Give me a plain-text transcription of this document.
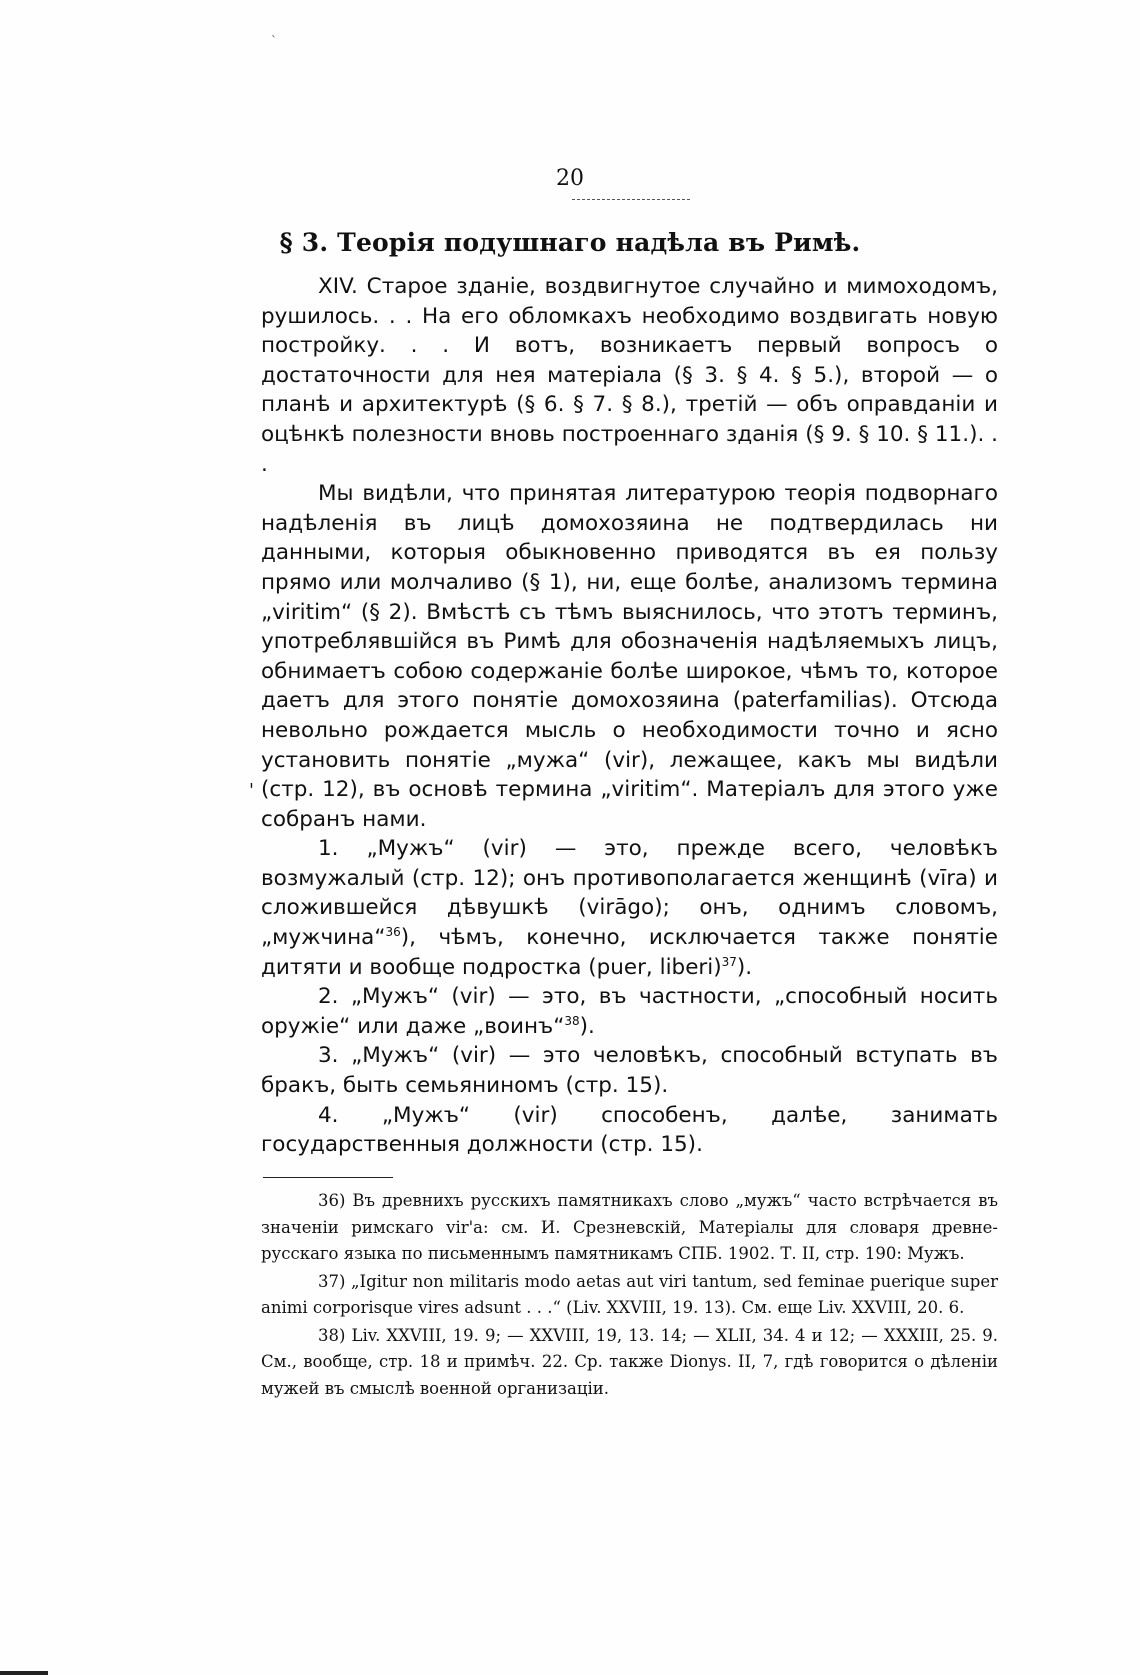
`
20
§ 3. Теорія подушнаго надѣла въ Римѣ.

XIV. Старое зданіе, воздвигнутое случайно и мимоходомъ, рушилось. . . На его обломкахъ необходимо воздвигать новую постройку. . . И вотъ, возникаетъ первый вопросъ о достаточности для нея матеріала (§ 3. § 4. § 5.), второй — о планѣ и архитектурѣ (§ 6. § 7. § 8.), третій — объ оправданіи и оцѣнкѣ полезности вновь построеннаго зданія (§ 9. § 10. § 11.). . .

Мы видѣли, что принятая литературою теорія подворнаго надѣленія въ лицѣ домохозяина не подтвердилась ни данными, которыя обыкновенно приводятся въ ея пользу прямо или молчаливо (§ 1), ни, еще болѣе, анализомъ термина „viritim“ (§ 2). Вмѣстѣ съ тѣмъ выяснилось, что этотъ терминъ, употреблявшійся въ Римѣ для обозначенія надѣляемыхъ лицъ, обнимаетъ собою содержаніе болѣе широкое, чѣмъ то, которое даетъ для этого понятіе домохозяина (paterfamilias). Отсюда невольно рождается мысль о необходимости точно и ясно установить понятіе „мужа“ (vir), лежащее, какъ мы видѣли (стр. 12), въ основѣ термина „viritim“. Матеріалъ для этого уже собранъ нами.

1. „Мужъ“ (vir) — это, прежде всего, человѣкъ возмужалый (стр. 12); онъ противополагается женщинѣ (vīra) и сложившейся дѣвушкѣ (virāgo); онъ, однимъ словомъ, „мужчина“$^{36}$), чѣмъ, конечно, исключается также понятіе дитяти и вообще подростка (puer, liberi)$^{37}$).

2. „Мужъ“ (vir) — это, въ частности, „способный носить оружіе“ или даже „воинъ“$^{38}$).

3. „Мужъ“ (vir) — это человѣкъ, способный вступать въ бракъ, быть семьяниномъ (стр. 15).

4. „Мужъ“ (vir) способенъ, далѣе, занимать государственныя должности (стр. 15).

'

36) Въ древнихъ русскихъ памятникахъ слово „мужъ“ часто встрѣчается въ значеніи римскаго vir'а: см. И. Срезневскій, Матеріалы для словаря древне-русскаго языка по письменнымъ памятникамъ СПБ. 1902. Т. II, стр. 190: Мужъ.

37) „Igitur non militaris modo aetas aut viri tantum, sed feminae puerique super animi corporisque vires adsunt . . .“ (Liv. XXVIII, 19. 13). См. еще Liv. XXVIII, 20. 6.

38) Liv. XXVIII, 19. 9; — XXVIII, 19, 13. 14; — XLII, 34. 4 и 12; — XXXIII, 25. 9. См., вообще, стр. 18 и примѣч. 22. Ср. также Dionys. II, 7, гдѣ говорится о дѣленіи мужей въ смыслѣ военной организаціи.
